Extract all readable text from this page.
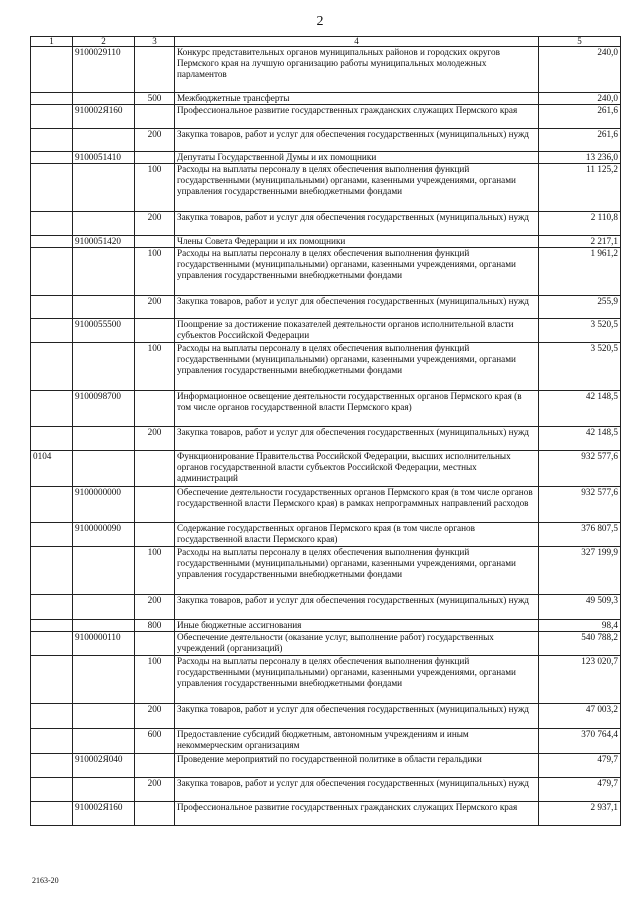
2
1	2	3	4	5
	9100029110		Конкурс представительных органов муниципальных районов и городских округов Пермского края на лучшую организацию работы муниципальных молодежных парламентов	240,0
		500	Межбюджетные трансферты	240,0
	910002Я160		Профессиональное развитие государственных гражданских служащих Пермского края	261,6
		200	Закупка товаров, работ и услуг для обеспечения государственных (муниципальных) нужд	261,6
	9100051410		Депутаты Государственной Думы и их помощники	13 236,0
		100	Расходы на выплаты персоналу в целях обеспечения выполнения функций государственными (муниципальными) органами, казенными учреждениями, органами управления государственными внебюджетными фондами	11 125,2
		200	Закупка товаров, работ и услуг для обеспечения государственных (муниципальных) нужд	2 110,8
	9100051420		Члены Совета Федерации и их помощники	2 217,1
		100	Расходы на выплаты персоналу в целях обеспечения выполнения функций государственными (муниципальными) органами, казенными учреждениями, органами управления государственными внебюджетными фондами	1 961,2
		200	Закупка товаров, работ и услуг для обеспечения государственных (муниципальных) нужд	255,9
	9100055500		Поощрение за достижение показателей деятельности органов исполнительной власти субъектов Российской Федерации	3 520,5
		100	Расходы на выплаты персоналу в целях обеспечения выполнения функций государственными (муниципальными) органами, казенными учреждениями, органами управления государственными внебюджетными фондами	3 520,5
	9100098700		Информационное освещение деятельности государственных органов Пермского края (в том числе органов государственной власти Пермского края)	42 148,5
		200	Закупка товаров, работ и услуг для обеспечения государственных (муниципальных) нужд	42 148,5
0104			Функционирование Правительства Российской Федерации, высших исполнительных органов государственной власти субъектов Российской Федерации, местных администраций	932 577,6
	9100000000		Обеспечение деятельности государственных органов Пермского края (в том числе органов государственной власти Пермского края) в рамках непрограммных направлений расходов	932 577,6
	9100000090		Содержание государственных органов Пермского края (в том числе органов государственной власти Пермского края)	376 807,5
		100	Расходы на выплаты персоналу в целях обеспечения выполнения функций государственными (муниципальными) органами, казенными учреждениями, органами управления государственными внебюджетными фондами	327 199,9
		200	Закупка товаров, работ и услуг для обеспечения государственных (муниципальных) нужд	49 509,3
		800	Иные бюджетные ассигнования	98,4
	9100000110		Обеспечение деятельности (оказание услуг, выполнение работ) государственных учреждений (организаций)	540 788,2
		100	Расходы на выплаты персоналу в целях обеспечения выполнения функций государственными (муниципальными) органами, казенными учреждениями, органами управления государственными внебюджетными фондами	123 020,7
		200	Закупка товаров, работ и услуг для обеспечения государственных (муниципальных) нужд	47 003,2
		600	Предоставление субсидий бюджетным, автономным учреждениям и иным некоммерческим организациям	370 764,4
	910002Я040		Проведение мероприятий по государственной политике в области геральдики	479,7
		200	Закупка товаров, работ и услуг для обеспечения государственных (муниципальных) нужд	479,7
	910002Я160		Профессиональное развитие государственных гражданских служащих Пермского края	2 937,1
2163-20
